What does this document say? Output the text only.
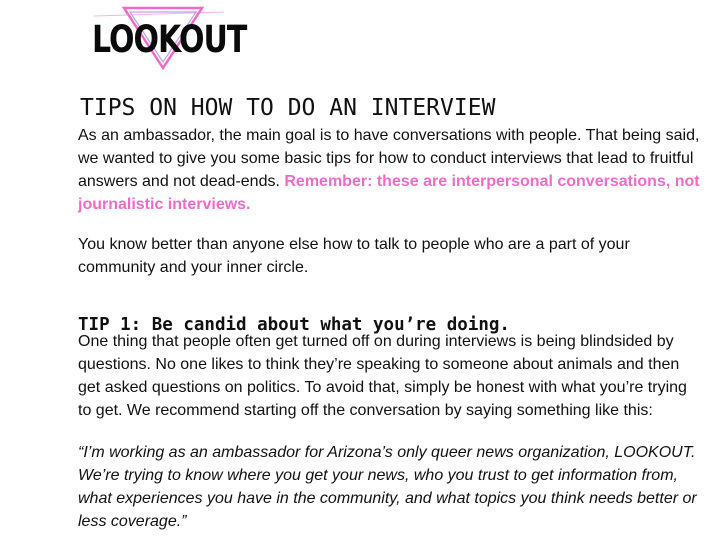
LOOKOUT
TIPS ON HOW TO DO AN INTERVIEW

As an ambassador, the main goal is to have conversations with people. That being said, we wanted to give you some basic tips for how to conduct interviews that lead to fruitful answers and not dead-ends. Remember: these are interpersonal conversations, not journalistic interviews.

You know better than anyone else how to talk to people who are a part of your community and your inner circle.

TIP 1: Be candid about what you’re doing.

One thing that people often get turned off on during interviews is being blindsided by questions. No one likes to think they’re speaking to someone about animals and then get asked questions on politics. To avoid that, simply be honest with what you’re trying to get. We recommend starting off the conversation by saying something like this:

“I’m working as an ambassador for Arizona’s only queer news organization, LOOKOUT. We’re trying to know where you get your news, who you trust to get information from, what experiences you have in the community, and what topics you think needs better or less coverage.”
